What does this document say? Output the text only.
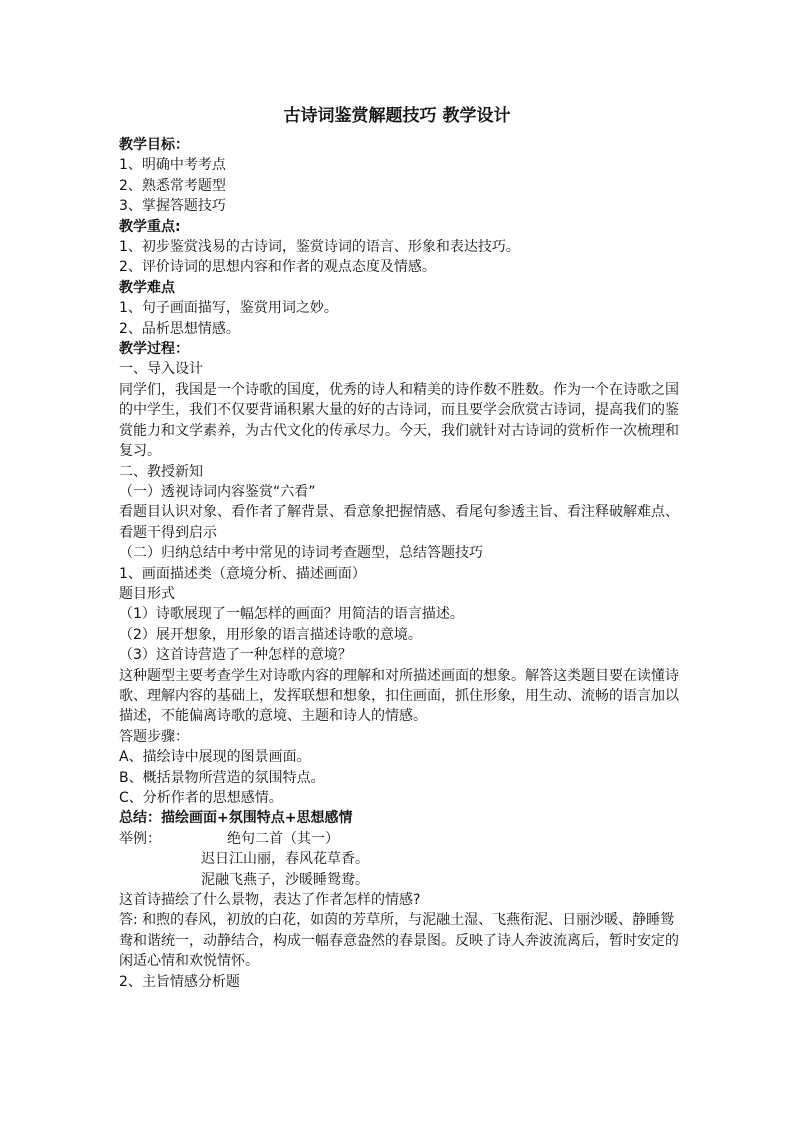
古诗词鉴赏解题技巧 教学设计

教学目标：

1、明确中考考点

2、熟悉常考题型

3、掌握答题技巧

教学重点:

1、初步鉴赏浅易的古诗词，鉴赏诗词的语言、形象和表达技巧。

2、评价诗词的思想内容和作者的观点态度及情感。

教学难点

1、句子画面描写，鉴赏用词之妙。

2、品析思想情感。

教学过程：

一、导入设计

同学们，我国是一个诗歌的国度，优秀的诗人和精美的诗作数不胜数。作为一个在诗歌之国的中学生，我们不仅要背诵积累大量的好的古诗词，而且要学会欣赏古诗词，提高我们的鉴赏能力和文学素养，为古代文化的传承尽力。今天，我们就针对古诗词的赏析作一次梳理和复习。

二、教授新知

（一）透视诗词内容鉴赏“六看”

看题目认识对象、看作者了解背景、看意象把握情感、看尾句参透主旨、看注释破解难点、看题干得到启示

（二）归纳总结中考中常见的诗词考查题型，总结答题技巧

1、画面描述类（意境分析、描述画面）

题目形式

（1）诗歌展现了一幅怎样的画面？用简洁的语言描述。

（2）展开想象，用形象的语言描述诗歌的意境。

（3）这首诗营造了一种怎样的意境？

这种题型主要考查学生对诗歌内容的理解和对所描述画面的想象。解答这类题目要在读懂诗歌、理解内容的基础上，发挥联想和想象，扣住画面，抓住形象，用生动、流畅的语言加以描述，不能偏离诗歌的意境、主题和诗人的情感。

答题步骤：

A、描绘诗中展现的图景画面。

B、概括景物所营造的氛围特点。

C、分析作者的思想感情。

总结：描绘画面+氛围特点+思想感情

举例：	绝句二首（其一）

迟日江山丽，春风花草香。

泥融飞燕子，沙暖睡鸳鸯。

这首诗描绘了什么景物，表达了作者怎样的情感?

答: 和煦的春风，初放的白花，如茵的芳草所，与泥融土湿、飞燕衔泥、日丽沙暖、静睡鸳鸯和谐统一，动静结合，构成一幅春意盎然的春景图。反映了诗人奔波流离后，暂时安定的闲适心情和欢悦情怀。

2、主旨情感分析题
